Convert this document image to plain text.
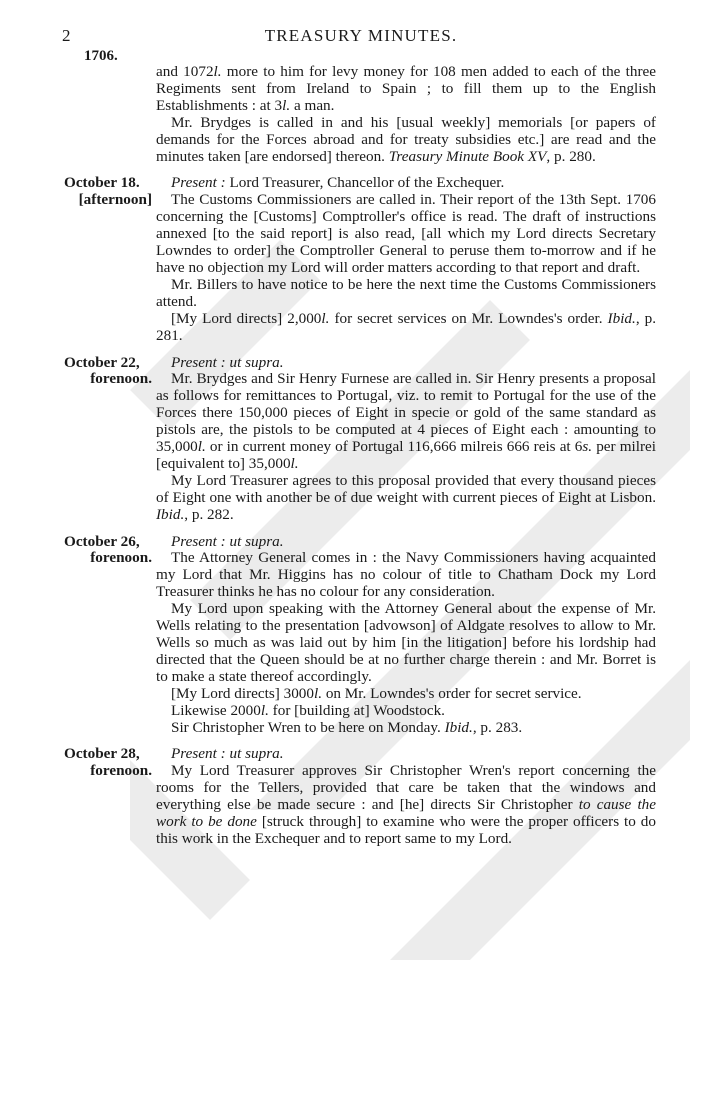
2	TREASURY MINUTES.
1706.

and 1072l. more to him for levy money for 108 men added to each of the three Regiments sent from Ireland to Spain ; to fill them up to the English Establishments : at 3l. a man.

Mr. Brydges is called in and his [usual weekly] memorials [or papers of demands for the Forces abroad and for treaty subsidies etc.] are read and the minutes taken [are endorsed] thereon. Treasury Minute Book XV, p. 280.

October 18.
[afternoon]

Present : Lord Treasurer, Chancellor of the Exchequer.

The Customs Commissioners are called in. Their report of the 13th Sept. 1706 concerning the [Customs] Comptroller's office is read. The draft of instructions annexed [to the said report] is also read, [all which my Lord directs Secretary Lowndes to order] the Comptroller General to peruse them to-morrow and if he have no objection my Lord will order matters according to that report and draft.

Mr. Billers to have notice to be here the next time the Customs Commissioners attend.

[My Lord directs] 2,000l. for secret services on Mr. Lowndes's order. Ibid., p. 281.

October 22,
forenoon.

Present : ut supra.

Mr. Brydges and Sir Henry Furnese are called in. Sir Henry presents a proposal as follows for remittances to Portugal, viz. to remit to Portugal for the use of the Forces there 150,000 pieces of Eight in specie or gold of the same standard as pistols are, the pistols to be computed at 4 pieces of Eight each : amounting to 35,000l. or in current money of Portugal 116,666 milreis 666 reis at 6s. per milrei [equivalent to] 35,000l.

My Lord Treasurer agrees to this proposal provided that every thousand pieces of Eight one with another be of due weight with current pieces of Eight at Lisbon. Ibid., p. 282.

October 26,
forenoon.

Present : ut supra.

The Attorney General comes in : the Navy Commissioners having acquainted my Lord that Mr. Higgins has no colour of title to Chatham Dock my Lord Treasurer thinks he has no colour for any consideration.

My Lord upon speaking with the Attorney General about the expense of Mr. Wells relating to the presentation [advowson] of Aldgate resolves to allow to Mr. Wells so much as was laid out by him [in the litigation] before his lordship had directed that the Queen should be at no further charge therein : and Mr. Borret is to make a state thereof accordingly.

[My Lord directs] 3000l. on Mr. Lowndes's order for secret service.

Likewise 2000l. for [building at] Woodstock.

Sir Christopher Wren to be here on Monday. Ibid., p. 283.

October 28,
forenoon.

Present : ut supra.

My Lord Treasurer approves Sir Christopher Wren's report concerning the rooms for the Tellers, provided that care be taken that the windows and everything else be made secure : and [he] directs Sir Christopher to cause the work to be done [struck through] to examine who were the proper officers to do this work in the Exchequer and to report same to my Lord.
